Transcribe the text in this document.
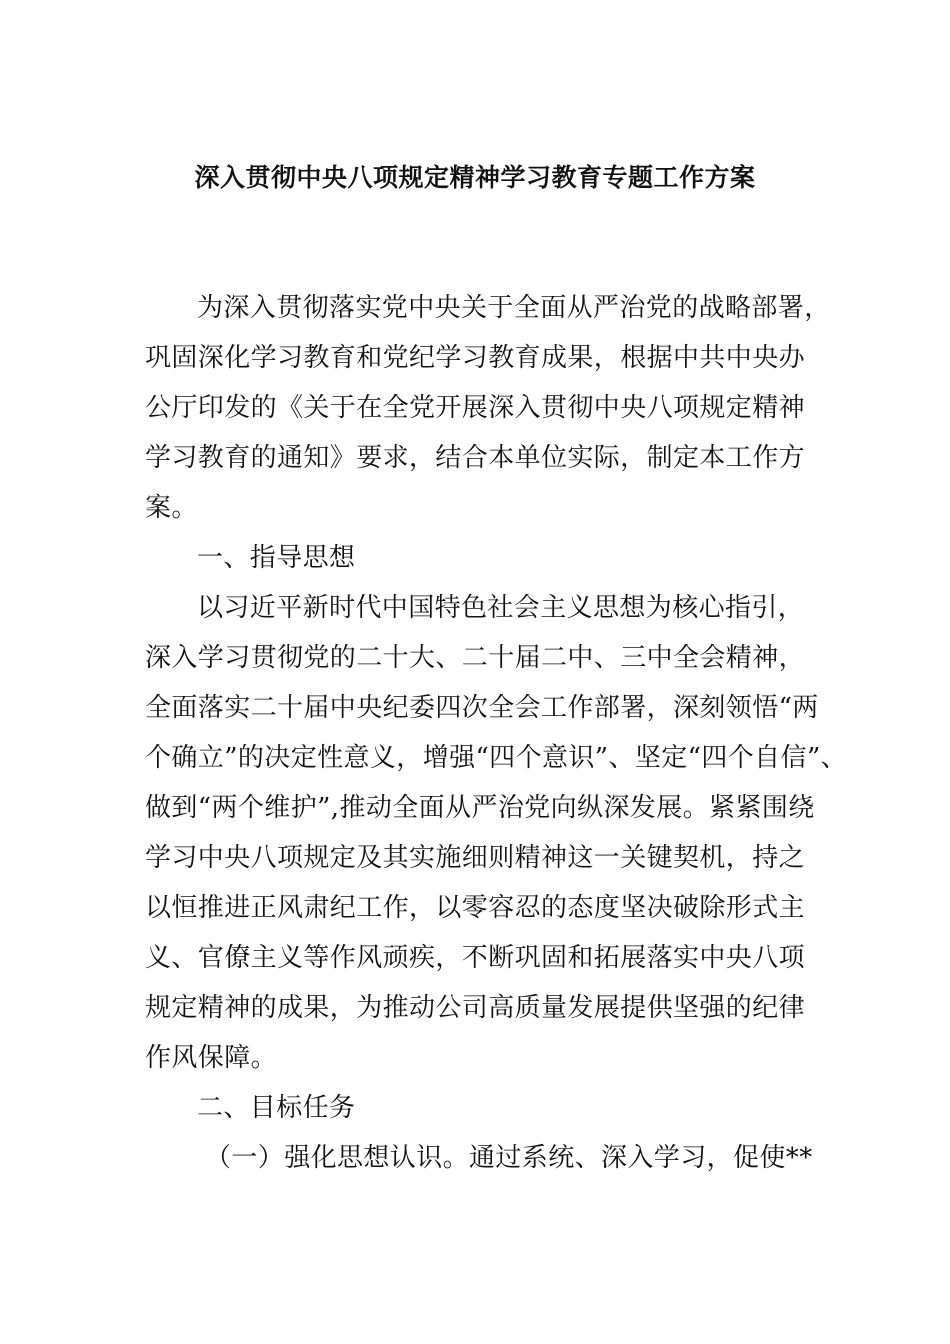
深入贯彻中央八项规定精神学习教育专题工作方案
为深入贯彻落实党中央关于全面从严治党的战略部署，
巩固深化学习教育和党纪学习教育成果，根据中共中央办
公厅印发的《关于在全党开展深入贯彻中央八项规定精神
学习教育的通知》要求，结合本单位实际，制定本工作方
案。
一、指导思想
以习近平新时代中国特色社会主义思想为核心指引，
深入学习贯彻党的二十大、二十届二中、三中全会精神，
全面落实二十届中央纪委四次全会工作部署，深刻领悟“两
个确立”的决定性意义，增强“四个意识”、坚定“四个自信”、
做到“两个维护”,推动全面从严治党向纵深发展。紧紧围绕
学习中央八项规定及其实施细则精神这一关键契机，持之
以恒推进正风肃纪工作，以零容忍的态度坚决破除形式主
义、官僚主义等作风顽疾，不断巩固和拓展落实中央八项
规定精神的成果，为推动公司高质量发展提供坚强的纪律
作风保障。
二、目标任务
（一）强化思想认识。通过系统、深入学习，促使**
